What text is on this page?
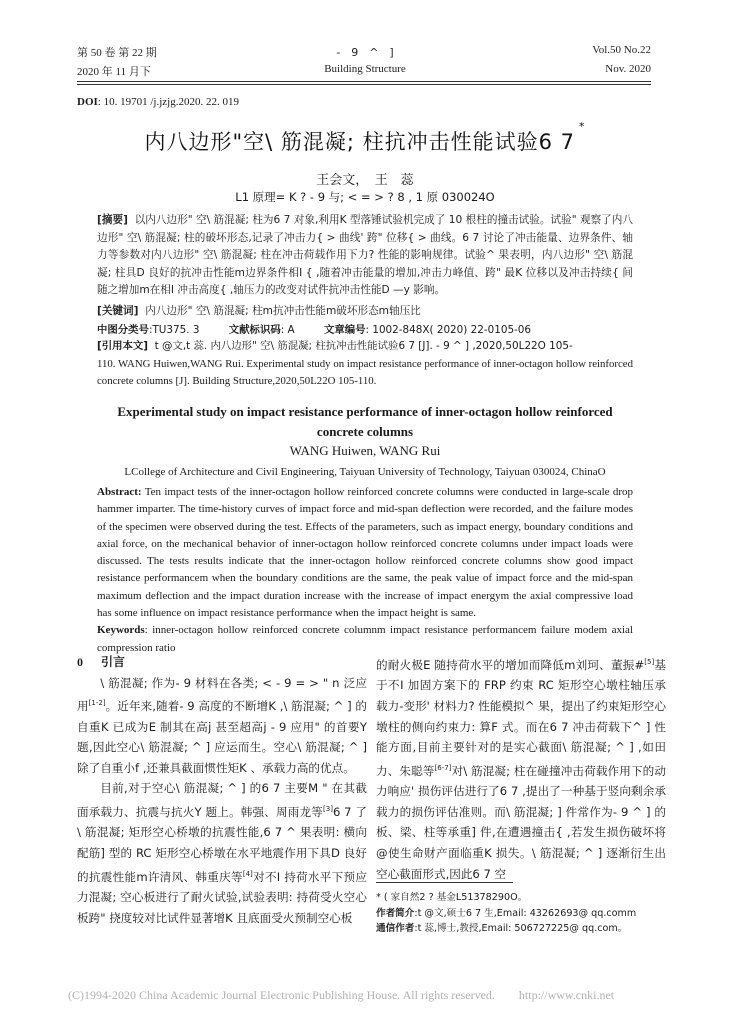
第 50 卷 第 22 期
2020 年 11 月下
-　9　^　]
Building Structure
Vol.50 No.22
Nov. 2020
DOI: 10. 19701 /j.jzjg.2020. 22. 019
内八边形"空\ 筋混凝; 柱抗冲击性能试验6 7*
王会文，　王　蕊
L1 原理= K ? - 9 与; < = > ? 8 , 1 原 030024O
[摘要] 以内八边形" 空\ 筋混凝; 柱为6 7 对象,利用K 型落锤试验机完成了 10 根柱的撞击试验。试验" 观察了内八边形" 空\ 筋混凝; 柱的破坏形态,记录了冲击力{ > 曲线' 跨" 位移{ > 曲线。6 7 讨论了冲击能量、边界条件、轴力等参数对内八边形" 空\ 筋混凝; 柱在冲击荷载作用下力? 性能的影响规律。试验^ 果表明，内八边形" 空\ 筋混凝; 柱具D 良好的抗冲击性能m边界条件相I { ,随着冲击能量的增加,冲击力峰值、跨" 最K 位移以及冲击持续{ 间随之增加m在相I 冲击高度{ ,轴压力的改变对试件抗冲击性能D —y 影响。
[关键词] 内八边形" 空\ 筋混凝; 柱m抗冲击性能m破坏形态m轴压比
中图分类号:TU375. 3	文献标识码: A	文章编号: 1002-848X( 2020) 22-0105-06
[引用本文] t @文,t 蕊. 内八边形" 空\ 筋混凝; 柱抗冲击性能试验6 7 [J]. - 9 ^ ] ,2020,50L22O 105-
110. WANG Huiwen,WANG Rui. Experimental study on impact resistance performance of inner-octagon hollow reinforced concrete columns [J]. Building Structure,2020,50L22O 105-110.
Experimental study on impact resistance performance of inner-octagon hollow reinforced
concrete columns
WANG Huiwen, WANG Rui
LCollege of Architecture and Civil Engineering, Taiyuan University of Technology, Taiyuan 030024, ChinaO
Abstract: Ten impact tests of the inner-octagon hollow reinforced concrete columns were conducted in large-scale drop hammer imparter. The time-history curves of impact force and mid-span deflection were recorded, and the failure modes of the specimen were observed during the test. Effects of the parameters, such as impact energy, boundary conditions and axial force, on the mechanical behavior of inner-octagon hollow reinforced concrete columns under impact loads were discussed. The tests results indicate that the inner-octagon hollow reinforced concrete columns show good impact resistance performancem when the boundary conditions are the same, the peak value of impact force and the mid-span maximum deflection and the impact duration increase with the increase of impact energym the axial compressive load has some influence on impact resistance performance when the impact height is same.
Keywords: inner-octagon hollow reinforced concrete columnm impact resistance performancem failure modem axial compression ratio

0 引言

\ 筋混凝; 作为- 9 材料在各类; < - 9 = > " n 泛应用[1-2]。近年来,随着- 9 高度的不断增K ,\ 筋混凝; ^ ] 的自重K 已成为E 制其在高j 甚至超高j - 9 应用" 的首要Y 题,因此空心\ 筋混凝; ^ ] 应运而生。空心\ 筋混凝; ^ ] 除了自重小f ,还兼具截面惯性矩K 、承载力高的优点。

目前,对于空心\ 筋混凝; ^ ] 的6 7 主要M " 在其截面承载力、抗震与抗火Y 题上。韩强、周雨龙等[3]6 7 了\ 筋混凝; 矩形空心桥墩的抗震性能,6 7 ^ 果表明: 横向配筋] 型的 RC 矩形空心桥墩在水平地震作用下具D 良好的抗震性能m许清风、韩重庆等[4]对不I 持荷水平下预应力混凝; 空心板进行了耐火试验,试验表明: 持荷受火空心板跨" 挠度较对比试件显著增K 且底面受火预制空心板

的耐火极E 随持荷水平的增加而降低m刘珂、董振#[5]基于不I 加固方案下的 FRP 约束 RC 矩形空心墩柱轴压承载力-变形' 材料力? 性能模拟^ 果，提出了约束矩形空心墩柱的侧向约束力: 算F 式。而在6 7 冲击荷载下^ ] 性能方面,目前主要针对的是实心截面\ 筋混凝; ^ ] ,如田力、朱聪等[6-7]对\ 筋混凝; 柱在碰撞冲击荷载作用下的动力响应' 损伤评估进行了6 7 ,提出了一种基于竖向剩余承载力的损伤评估准则。而\ 筋混凝; ] 件常作为- 9 ^ ] 的板、梁、柱等承重] 件,在遭遇撞击{ ,若发生损伤破坏将@使生命财产面临重K 损失。\ 筋混凝; ^ ] 逐渐衍生出空心截面形式,因此6 7 空

* ( 家自然2 ? 基金L51378290O。
作者简介:t @文,硕士6 7 生,Email: 43262693@ qq.comm
通信作者:t 蕊,博士,教授,Email: 506727225@ qq.com。
(C)1994-2020 China Academic Journal Electronic Publishing House. All rights reserved.　　http://www.cnki.net
